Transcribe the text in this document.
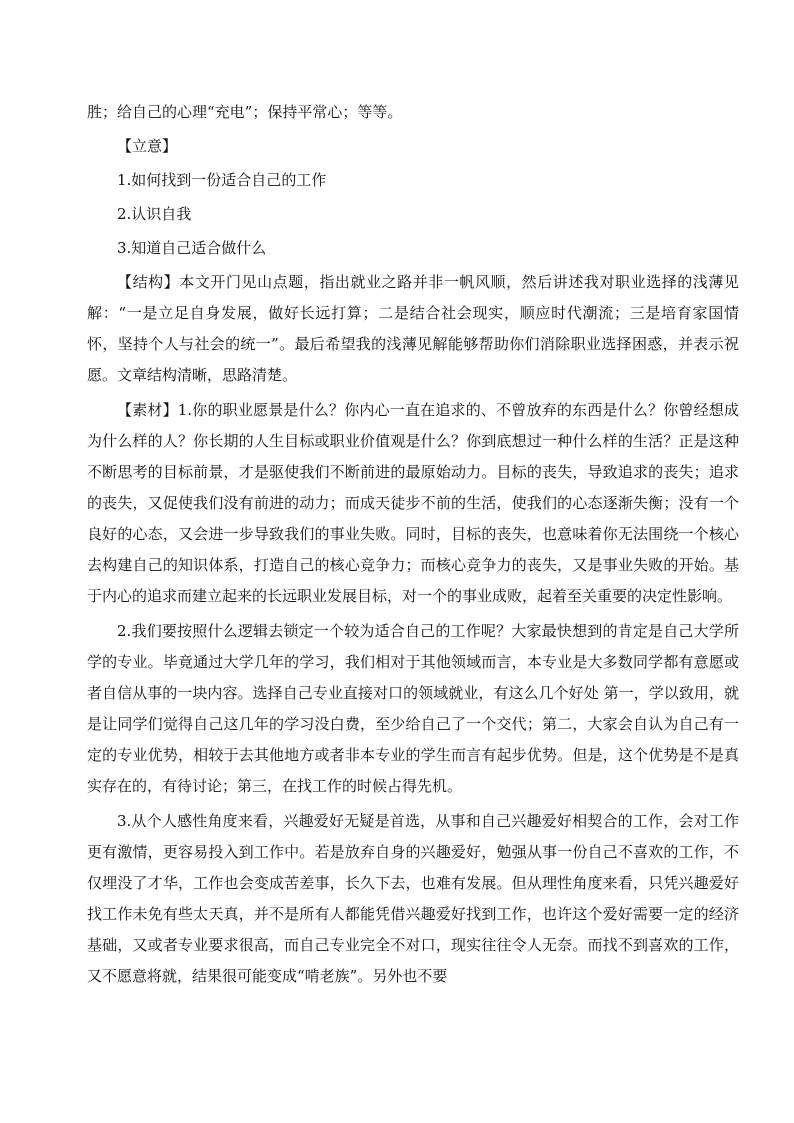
胜；给自己的心理“充电”；保持平常心；等等。

【立意】

1.如何找到一份适合自己的工作

2.认识自我

3.知道自己适合做什么

【结构】本文开门见山点题，指出就业之路并非一帆风顺，然后讲述我对职业选择的浅薄见解：“一是立足自身发展，做好长远打算；二是结合社会现实，顺应时代潮流；三是培育家国情怀，坚持个人与社会的统一”。最后希望我的浅薄见解能够帮助你们消除职业选择困惑，并表示祝愿。文章结构清晰，思路清楚。

【素材】1.你的职业愿景是什么？你内心一直在追求的、不曾放弃的东西是什么？你曾经想成为什么样的人？你长期的人生目标或职业价值观是什么？你到底想过一种什么样的生活？正是这种不断思考的目标前景，才是驱使我们不断前进的最原始动力。目标的丧失，导致追求的丧失；追求的丧失，又促使我们没有前进的动力；而成天徒步不前的生活，使我们的心态逐渐失衡；没有一个良好的心态，又会进一步导致我们的事业失败。同时，目标的丧失，也意味着你无法围绕一个核心去构建自己的知识体系，打造自己的核心竞争力；而核心竞争力的丧失，又是事业失败的开始。基于内心的追求而建立起来的长远职业发展目标，对一个的事业成败，起着至关重要的决定性影响。

2.我们要按照什么逻辑去锁定一个较为适合自己的工作呢？大家最快想到的肯定是自己大学所学的专业。毕竟通过大学几年的学习，我们相对于其他领域而言，本专业是大多数同学都有意愿或者自信从事的一块内容。选择自己专业直接对口的领域就业，有这么几个好处 第一，学以致用，就是让同学们觉得自己这几年的学习没白费，至少给自己了一个交代；第二，大家会自认为自己有一定的专业优势，相较于去其他地方或者非本专业的学生而言有起步优势。但是，这个优势是不是真实存在的，有待讨论；第三，在找工作的时候占得先机。

3.从个人感性角度来看，兴趣爱好无疑是首选，从事和自己兴趣爱好相契合的工作，会对工作更有激情，更容易投入到工作中。若是放弃自身的兴趣爱好，勉强从事一份自己不喜欢的工作，不仅埋没了才华，工作也会变成苦差事，长久下去，也难有发展。但从理性角度来看，只凭兴趣爱好找工作未免有些太天真，并不是所有人都能凭借兴趣爱好找到工作，也许这个爱好需要一定的经济基础，又或者专业要求很高，而自己专业完全不对口，现实往往令人无奈。而找不到喜欢的工作，又不愿意将就，结果很可能变成“啃老族”。另外也不要
